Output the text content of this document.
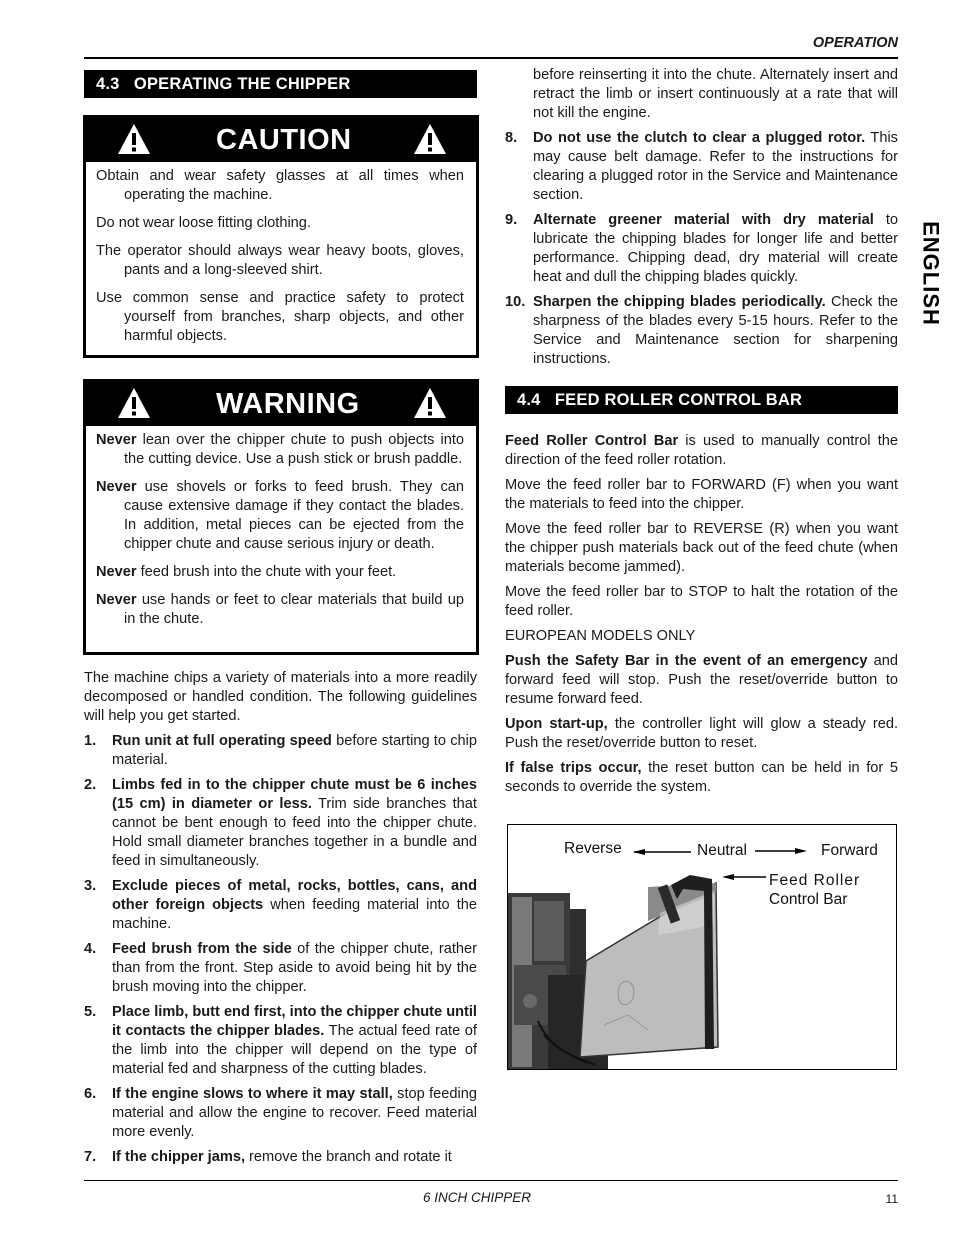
OPERATION
ENGLISH
4.3 OPERATING THE CHIPPER
CAUTION

Obtain and wear safety glasses at all times when operating the machine.

Do not wear loose fitting clothing.

The operator should always wear heavy boots, gloves, pants and a long-sleeved shirt.

Use common sense and practice safety to protect yourself from branches, sharp objects, and other harmful objects.

WARNING

Never lean over the chipper chute to push objects into the cutting device. Use a push stick or brush paddle.

Never use shovels or forks to feed brush. They can cause extensive damage if they contact the blades. In addition, metal pieces can be ejected from the chipper chute and cause serious injury or death.

Never feed brush into the chute with your feet.

Never use hands or feet to clear materials that build up in the chute.

The machine chips a variety of materials into a more readily decomposed or handled condition. The following guidelines will help you get started.

1. Run unit at full operating speed before starting to chip material.
2. Limbs fed in to the chipper chute must be 6 inches (15 cm) in diameter or less. Trim side branches that cannot be bent enough to feed into the chipper chute. Hold small diameter branches together in a bundle and feed in simultaneously.
3. Exclude pieces of metal, rocks, bottles, cans, and other foreign objects when feeding material into the machine.
4. Feed brush from the side of the chipper chute, rather than from the front. Step aside to avoid being hit by the brush moving into the chipper.
5. Place limb, butt end first, into the chipper chute until it contacts the chipper blades. The actual feed rate of the limb into the chipper will depend on the type of material fed and sharpness of the cutting blades.
6. If the engine slows to where it may stall, stop feeding material and allow the engine to recover. Feed material more evenly.
7. If the chipper jams, remove the branch and rotate it

before reinserting it into the chute. Alternately insert and retract the limb or insert continuously at a rate that will not kill the engine.

8. Do not use the clutch to clear a plugged rotor. This may cause belt damage. Refer to the instructions for clearing a plugged rotor in the Service and Maintenance section.
9. Alternate greener material with dry material to lubricate the chipping blades for longer life and better performance. Chipping dead, dry material will create heat and dull the chipping blades quickly.
10. Sharpen the chipping blades periodically. Check the sharpness of the blades every 5-15 hours. Refer to the Service and Maintenance section for sharpening instructions.
4.4 FEED ROLLER CONTROL BAR

Feed Roller Control Bar is used to manually control the direction of the feed roller rotation.

Move the feed roller bar to FORWARD (F) when you want the materials to feed into the chipper.

Move the feed roller bar to REVERSE (R) when you want the chipper push materials back out of the feed chute (when materials become jammed).

Move the feed roller bar to STOP to halt the rotation of the feed roller.

EUROPEAN MODELS ONLY

Push the Safety Bar in the event of an emergency and forward feed will stop. Push the reset/override button to resume forward feed.

Upon start-up, the controller light will glow a steady red. Push the reset/override button to reset.

If false trips occur, the reset button can be held in for 5 seconds to override the system.

Reverse	Neutral	Forward
Feed Roller
Control Bar
6 INCH CHIPPER	11
